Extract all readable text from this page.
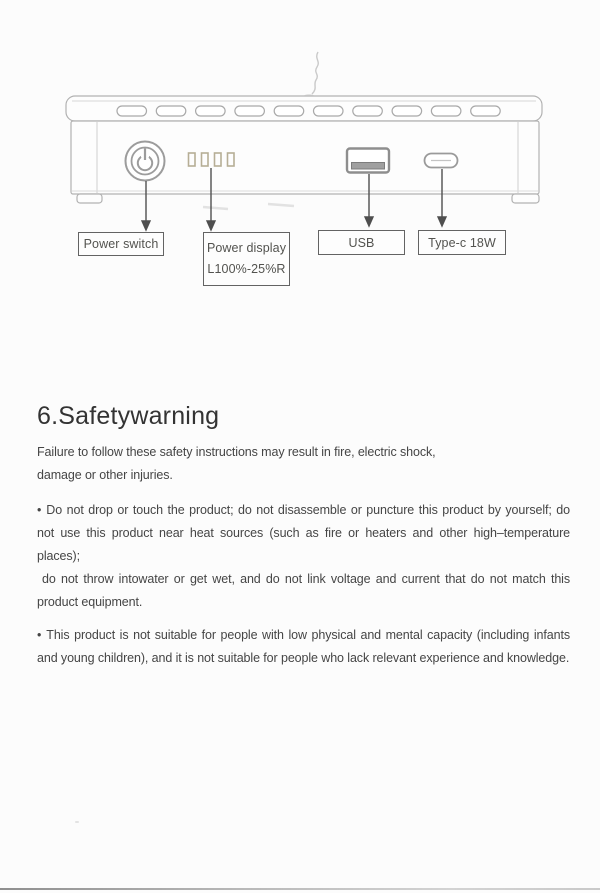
Power switch	Power display
L100%-25%R
USB	Type-c 18W
6.Safetywarning

Failure to follow these safety instructions may result in fire, electric shock, damage or other injuries.

• Do not drop or touch the product; do not disassemble or puncture this product by yourself; do not use this product near heat sources (such as fire or heaters and other high–temperature places);
do not throw intowater or get wet, and do not link voltage and current that do not match this product equipment.

• This product is not suitable for people with low physical and mental capacity (including infants and young children), and it is not suitable for people who lack relevant experience and knowledge.
